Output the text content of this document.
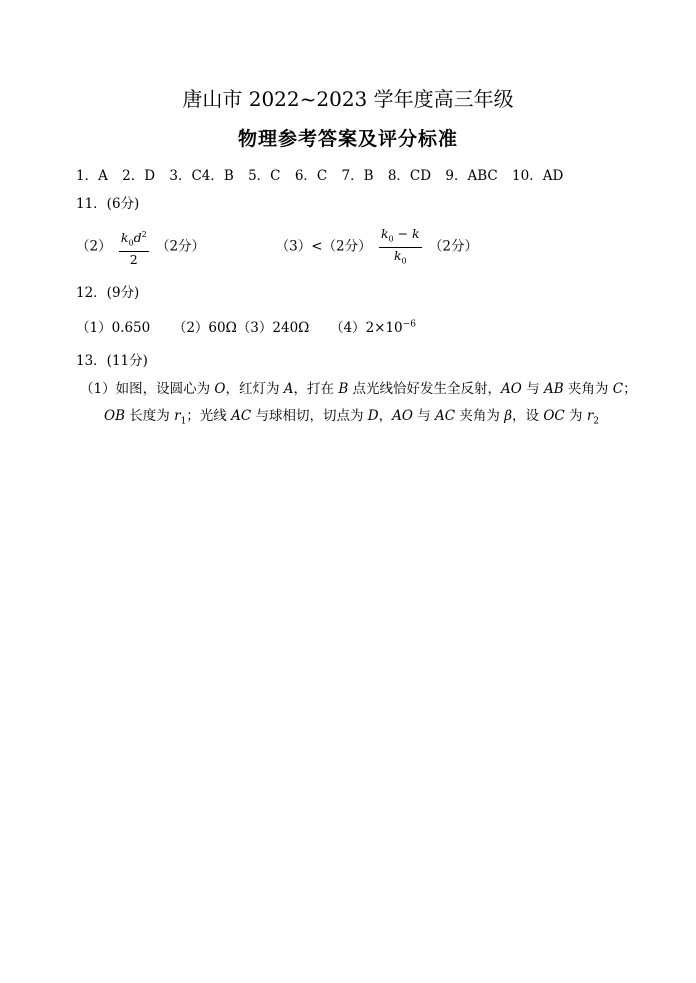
唐山市 2022~2023 学年度高三年级
物理参考答案及评分标准
1．A 2．D 3．C4．B 5．C 6．C 7．B 8．CD 9．ABC 10．AD
11．(6分)
$(2) \frac{k_0d^2}{2} (2$分）	（3）<（2分） $\frac{k_0 - k}{k_0} (2$分）
12．(9分)
（1）0.650 （2）60Ω（3）240Ω $(4)2\times 10^{-6}$
13．(11分)
（1）如图，设圆心为 O，红灯为 A，打在 B 点光线恰好发生全反射，AO 与 AB 夹角为 C；
OB 长度为 $r_1$；光线 AC 与球相切，切点为 D，AO 与 AC 夹角为 β，设 OC 为 $r_2$
